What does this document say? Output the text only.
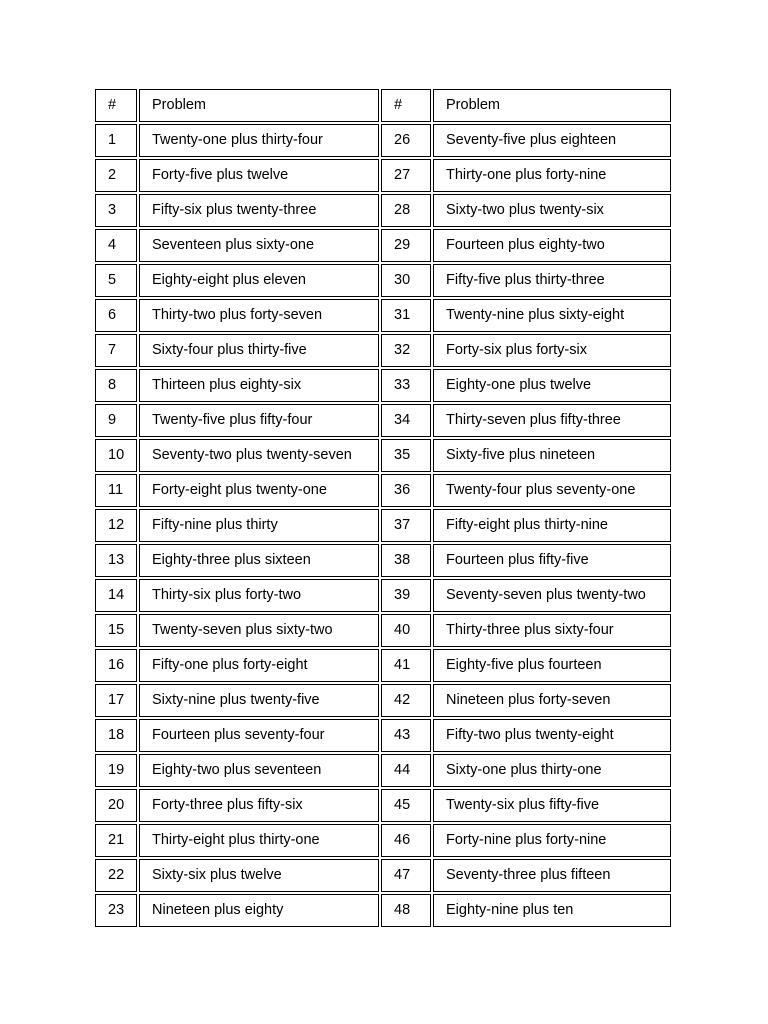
#	Problem	#	Problem
1	Twenty-one plus thirty-four	26	Seventy-five plus eighteen
2	Forty-five plus twelve	27	Thirty-one plus forty-nine
3	Fifty-six plus twenty-three	28	Sixty-two plus twenty-six
4	Seventeen plus sixty-one	29	Fourteen plus eighty-two
5	Eighty-eight plus eleven	30	Fifty-five plus thirty-three
6	Thirty-two plus forty-seven	31	Twenty-nine plus sixty-eight
7	Sixty-four plus thirty-five	32	Forty-six plus forty-six
8	Thirteen plus eighty-six	33	Eighty-one plus twelve
9	Twenty-five plus fifty-four	34	Thirty-seven plus fifty-three
10	Seventy-two plus twenty-seven	35	Sixty-five plus nineteen
11	Forty-eight plus twenty-one	36	Twenty-four plus seventy-one
12	Fifty-nine plus thirty	37	Fifty-eight plus thirty-nine
13	Eighty-three plus sixteen	38	Fourteen plus fifty-five
14	Thirty-six plus forty-two	39	Seventy-seven plus twenty-two
15	Twenty-seven plus sixty-two	40	Thirty-three plus sixty-four
16	Fifty-one plus forty-eight	41	Eighty-five plus fourteen
17	Sixty-nine plus twenty-five	42	Nineteen plus forty-seven
18	Fourteen plus seventy-four	43	Fifty-two plus twenty-eight
19	Eighty-two plus seventeen	44	Sixty-one plus thirty-one
20	Forty-three plus fifty-six	45	Twenty-six plus fifty-five
21	Thirty-eight plus thirty-one	46	Forty-nine plus forty-nine
22	Sixty-six plus twelve	47	Seventy-three plus fifteen
23	Nineteen plus eighty	48	Eighty-nine plus ten
